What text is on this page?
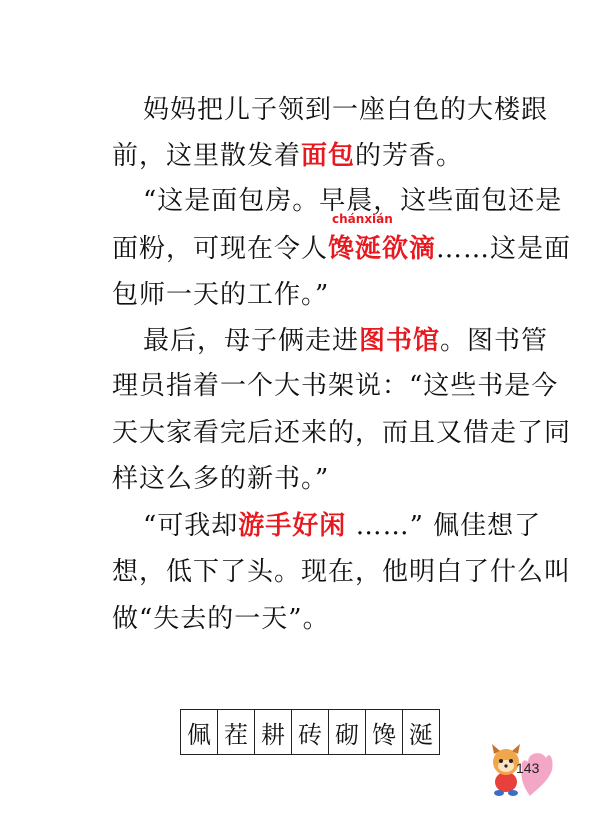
妈妈把儿子领到一座白色的大楼跟
前，这里散发着面包的芳香。
“这是面包房。早晨，这些面包还是
面粉，可现在令人
chánxián
馋涎欲滴……这是面
包师一天的工作。”
最后，母子俩走进图书馆。图书管
理员指着一个大书架说：“这些书是今
天大家看完后还来的，而且又借走了同
样这么多的新书。”
“可我却游手好闲 ……” 佩佳想了
想，低下了头。现在，他明白了什么叫
做“失去的一天”。
佩 茬 耕 砖 砌 馋 涎
143
